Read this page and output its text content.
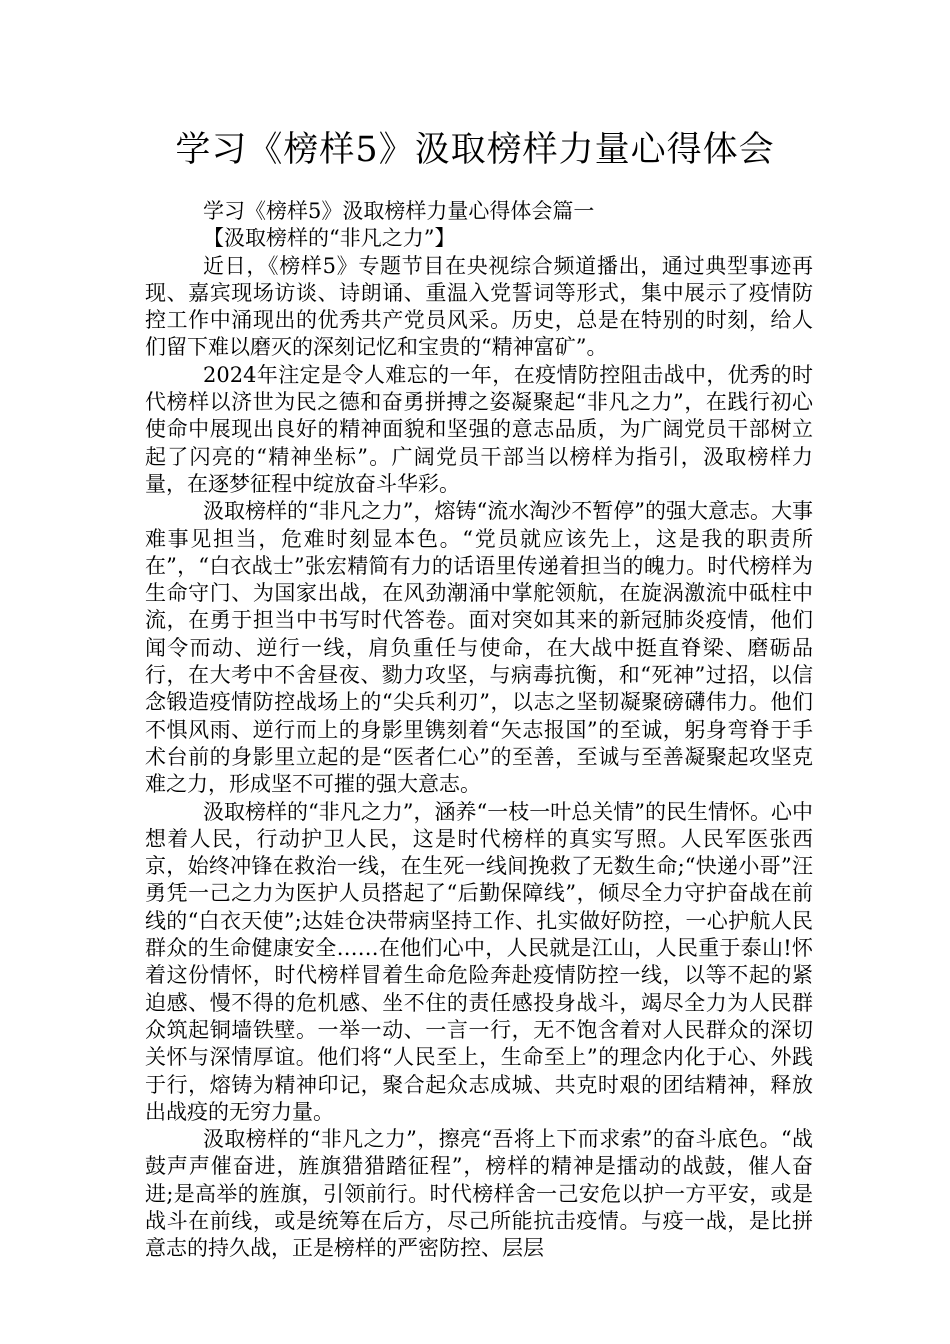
学习《榜样5》汲取榜样力量心得体会

学习《榜样5》汲取榜样力量心得体会篇一

【汲取榜样的“非凡之力”】

近日，《榜样5》专题节目在央视综合频道播出，通过典型事迹再现、嘉宾现场访谈、诗朗诵、重温入党誓词等形式，集中展示了疫情防控工作中涌现出的优秀共产党员风采。历史，总是在特别的时刻，给人们留下难以磨灭的深刻记忆和宝贵的“精神富矿”。

2024年注定是令人难忘的一年，在疫情防控阻击战中，优秀的时代榜样以济世为民之德和奋勇拼搏之姿凝聚起“非凡之力”，在践行初心使命中展现出良好的精神面貌和坚强的意志品质，为广阔党员干部树立起了闪亮的“精神坐标”。广阔党员干部当以榜样为指引，汲取榜样力量，在逐梦征程中绽放奋斗华彩。

汲取榜样的“非凡之力”，熔铸“流水淘沙不暂停”的强大意志。大事难事见担当，危难时刻显本色。“党员就应该先上，这是我的职责所在”，“白衣战士”张宏精简有力的话语里传递着担当的魄力。时代榜样为生命守门、为国家出战，在风劲潮涌中掌舵领航，在旋涡激流中砥柱中流，在勇于担当中书写时代答卷。面对突如其来的新冠肺炎疫情，他们闻令而动、逆行一线，肩负重任与使命，在大战中挺直脊梁、磨砺品行，在大考中不舍昼夜、勠力攻坚，与病毒抗衡，和“死神”过招，以信念锻造疫情防控战场上的“尖兵利刃”，以志之坚韧凝聚磅礴伟力。他们不惧风雨、逆行而上的身影里镌刻着“矢志报国”的至诚，躬身弯脊于手术台前的身影里立起的是“医者仁心”的至善，至诚与至善凝聚起攻坚克难之力，形成坚不可摧的强大意志。

汲取榜样的“非凡之力”，涵养“一枝一叶总关情”的民生情怀。心中想着人民，行动护卫人民，这是时代榜样的真实写照。人民军医张西京，始终冲锋在救治一线，在生死一线间挽救了无数生命;“快递小哥”汪勇凭一己之力为医护人员搭起了“后勤保障线”，倾尽全力守护奋战在前线的“白衣天使”;达娃仓决带病坚持工作、扎实做好防控，一心护航人民群众的生命健康安全……在他们心中，人民就是江山，人民重于泰山!怀着这份情怀，时代榜样冒着生命危险奔赴疫情防控一线，以等不起的紧迫感、慢不得的危机感、坐不住的责任感投身战斗，竭尽全力为人民群众筑起铜墙铁壁。一举一动、一言一行，无不饱含着对人民群众的深切关怀与深情厚谊。他们将“人民至上，生命至上”的理念内化于心、外践于行，熔铸为精神印记，聚合起众志成城、共克时艰的团结精神，释放出战疫的无穷力量。

汲取榜样的“非凡之力”，擦亮“吾将上下而求索”的奋斗底色。“战鼓声声催奋进，旌旗猎猎踏征程”，榜样的精神是擂动的战鼓，催人奋进;是高举的旌旗，引领前行。时代榜样舍一己安危以护一方平安，或是战斗在前线，或是统筹在后方，尽己所能抗击疫情。与疫一战，是比拼意志的持久战，正是榜样的严密防控、层层
